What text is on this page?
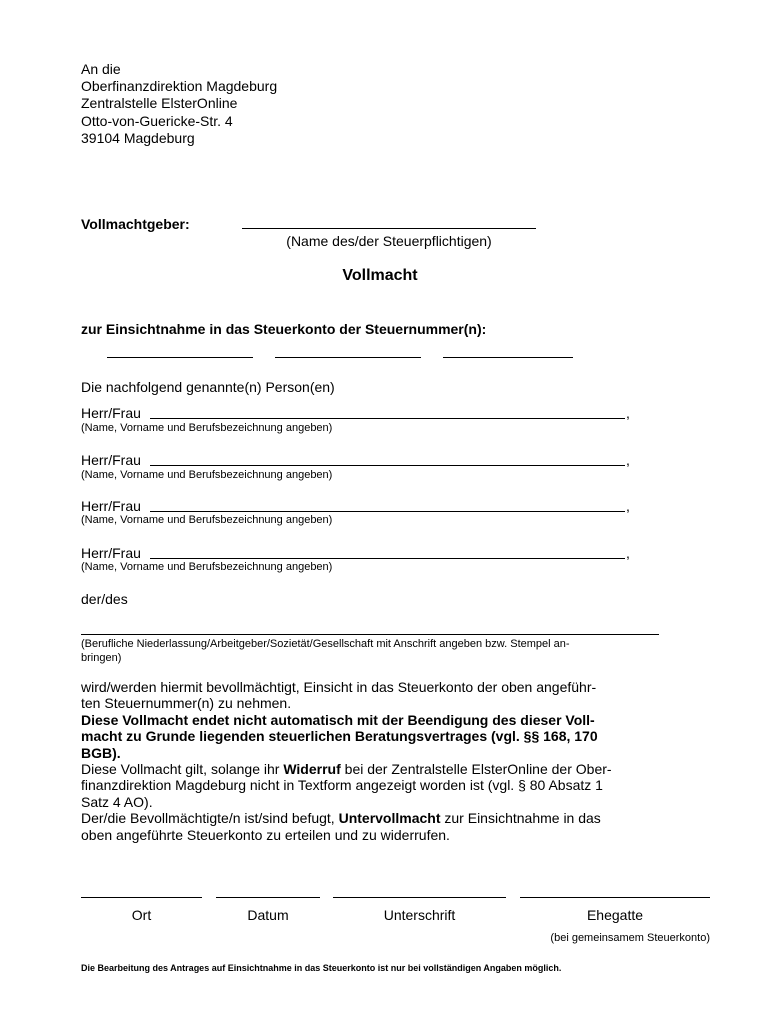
An die
Oberfinanzdirektion Magdeburg
Zentralstelle ElsterOnline
Otto-von-Guericke-Str. 4
39104 Magdeburg
Vollmachtgeber:
(Name des/der Steuerpflichtigen)
Vollmacht
zur Einsichtnahme in das Steuerkonto der Steuernummer(n):
Die nachfolgend genannte(n) Person(en)
Herr/Frau	,
(Name, Vorname und Berufsbezeichnung angeben)
Herr/Frau	,
(Name, Vorname und Berufsbezeichnung angeben)
Herr/Frau	,
(Name, Vorname und Berufsbezeichnung angeben)
Herr/Frau	,
(Name, Vorname und Berufsbezeichnung angeben)
der/des
(Berufliche Niederlassung/Arbeitgeber/Sozietät/Gesellschaft mit Anschrift angeben bzw. Stempel an-
bringen)

wird/werden hiermit bevollmächtigt, Einsicht in das Steuerkonto der oben angeführ-

ten Steuernummer(n) zu nehmen.

Diese Vollmacht endet nicht automatisch mit der Beendigung des dieser Voll-

macht zu Grunde liegenden steuerlichen Beratungsvertrages (vgl. §§ 168, 170

BGB).

Diese Vollmacht gilt, solange ihr Widerruf bei der Zentralstelle ElsterOnline der Ober-

finanzdirektion Magdeburg nicht in Textform angezeigt worden ist (vgl. § 80 Absatz 1

Satz 4 AO).

Der/die Bevollmächtigte/n ist/sind befugt, Untervollmacht zur Einsichtnahme in das

oben angeführte Steuerkonto zu erteilen und zu widerrufen.

Ort	Datum	Unterschrift	Ehegatte
(bei gemeinsamem Steuerkonto)
Die Bearbeitung des Antrages auf Einsichtnahme in das Steuerkonto ist nur bei vollständigen Angaben möglich.
